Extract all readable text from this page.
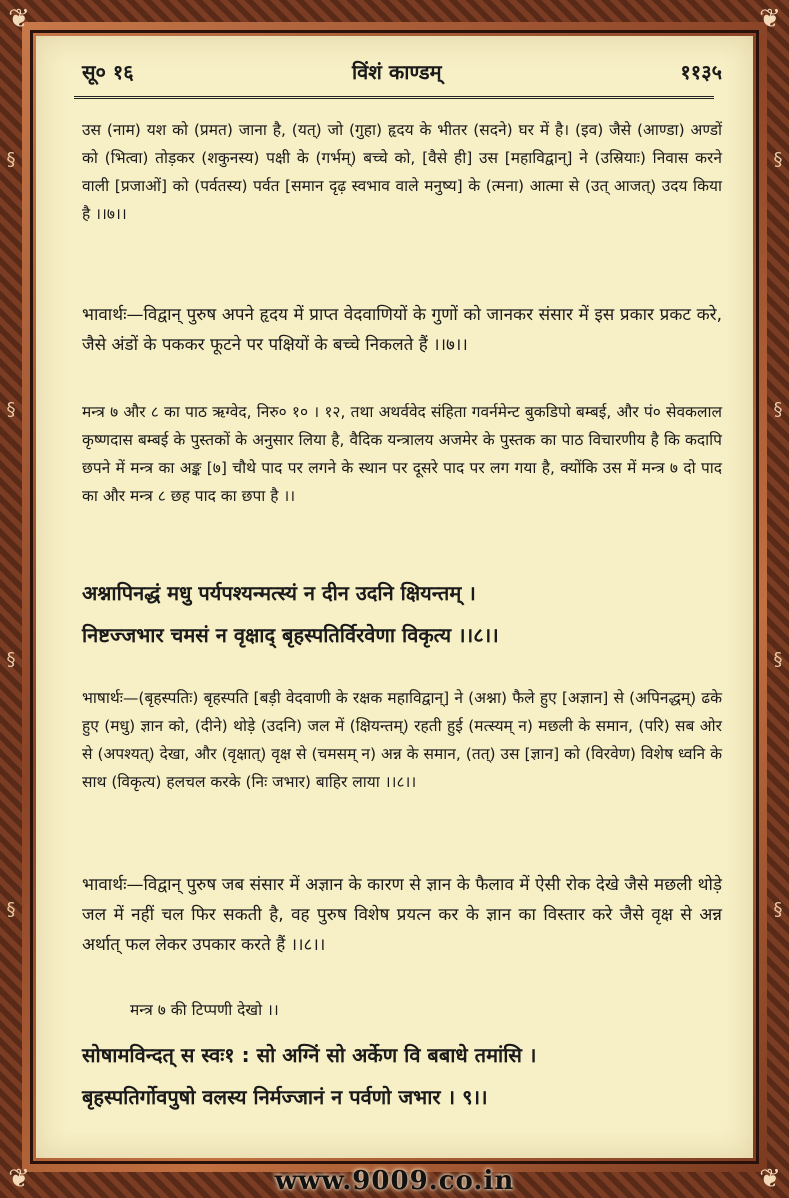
❦	❦
❦	❦
§
§
§
§
§
§
§
§
सू० १६	विंशं काण्डम्	११३५
उस (नाम) यश को (प्रमत) जाना है, (यत्) जो (गुहा) हृदय के भीतर (सदने) घर में है। (इव) जैसे (आण्डा) अण्डों को (भित्वा) तोड़कर (शकुनस्य) पक्षी के (गर्भम्) बच्चे को, [वैसे ही] उस [महाविद्वान्] ने (उस्रियाः) निवास करने वाली [प्रजाओं] को (पर्वतस्य) पर्वत [समान दृढ़ स्वभाव वाले मनुष्य] के (त्मना) आत्मा से (उत् आजत्) उदय किया है ।।७।।
भावार्थः—विद्वान् पुरुष अपने हृदय में प्राप्त वेदवाणियों के गुणों को जानकर संसार में इस प्रकार प्रकट करे, जैसे अंडों के पककर फूटने पर पक्षियों के बच्चे निकलते हैं ।।७।।
मन्त्र ७ और ८ का पाठ ऋग्वेद, निरु० १० । १२, तथा अथर्ववेद संहिता गवर्नमेन्ट बुकडिपो बम्बई, और पं० सेवकलाल कृष्णदास बम्बई के पुस्तकों के अनुसार लिया है, वैदिक यन्त्रालय अजमेर के पुस्तक का पाठ विचारणीय है कि कदापि छपने में मन्त्र का अङ्क [७] चौथे पाद पर लगने के स्थान पर दूसरे पाद पर लग गया है, क्योंकि उस में मन्त्र ७ दो पाद का और मन्त्र ८ छह पाद का छपा है ।।
अश्नापिनद्धं मधु पर्यपश्यन्मत्स्यं न दीन उदनि क्षियन्तम् ।
निष्टज्जभार चमसं न वृक्षाद् बृहस्पतिर्विरवेणा विकृत्य ।।८।।
भाषार्थः—(बृहस्पतिः) बृहस्पति [बड़ी वेदवाणी के रक्षक महाविद्वान्] ने (अश्ना) फैले हुए [अज्ञान] से (अपिनद्धम्) ढके हुए (मधु) ज्ञान को, (दीने) थोड़े (उदनि) जल में (क्षियन्तम्) रहती हुई (मत्स्यम् न) मछली के समान, (परि) सब ओर से (अपश्यत्) देखा, और (वृक्षात्) वृक्ष से (चमसम् न) अन्न के समान, (तत्) उस [ज्ञान] को (विरवेण) विशेष ध्वनि के साथ (विकृत्य) हलचल करके (निः जभार) बाहिर लाया ।।८।।
भावार्थः—विद्वान् पुरुष जब संसार में अज्ञान के कारण से ज्ञान के फैलाव में ऐसी रोक देखे जैसे मछली थोड़े जल में नहीं चल फिर सकती है, वह पुरुष विशेष प्रयत्न कर के ज्ञान का विस्तार करे जैसे वृक्ष से अन्न अर्थात् फल लेकर उपकार करते हैं ।।८।।
मन्त्र ७ की टिप्पणी देखो ।।
सोषामविन्दत् स स्वः१ : सो अग्निं सो अर्केण वि बबाधे तमांसि ।
बृहस्पतिर्गोवपुषो वलस्य निर्मज्जानं न पर्वणो जभार । ९।।
www.9009.co.in
